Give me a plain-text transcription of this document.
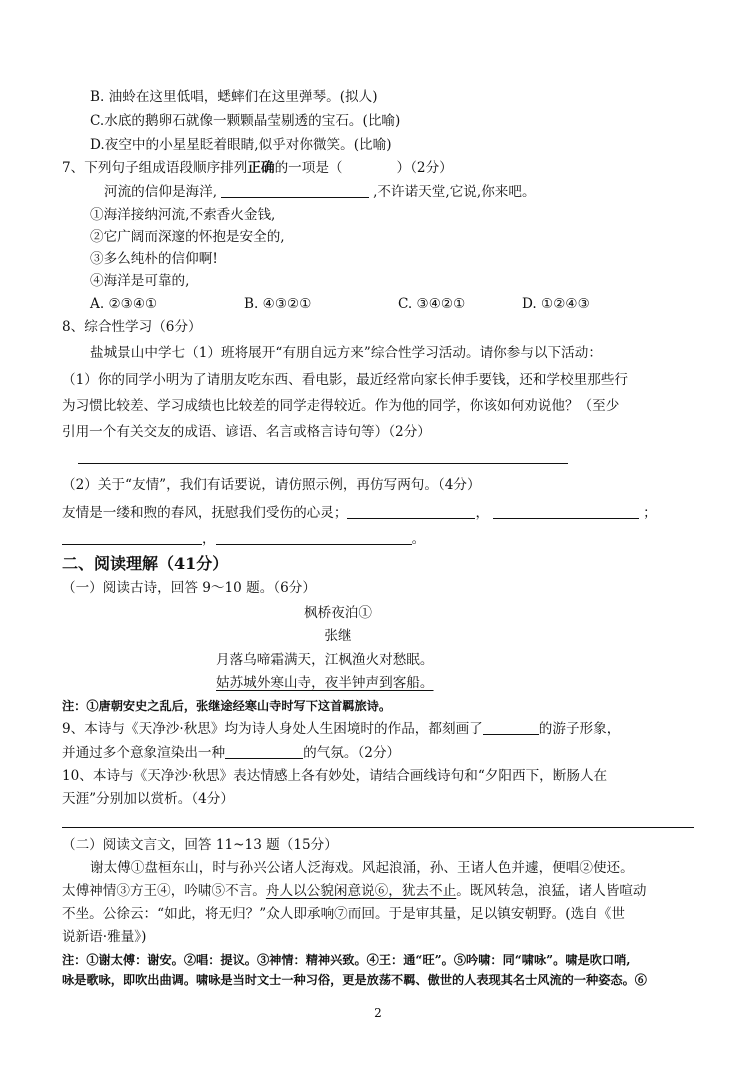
B. 油蛉在这里低唱，蟋蟀们在这里弹琴。(拟人)
C.水底的鹅卵石就像一颗颗晶莹剔透的宝石。(比喻)
D.夜空中的小星星眨着眼睛,似乎对你微笑。(比喻)
7、下列句子组成语段顺序排列正确的一项是（	）（2分）
河流的信仰是海洋,	,不许诺天堂,它说,你来吧。
①海洋接纳河流,不索香火金钱,
②它广阔而深邃的怀抱是安全的,
③多么纯朴的信仰啊!
④海洋是可靠的,
A. ②③④①	B. ④③②①	C. ③④②①	D. ①②④③
8、综合性学习（6分）
盐城景山中学七（1）班将展开“有朋自远方来”综合性学习活动。请你参与以下活动：
（1）你的同学小明为了请朋友吃东西、看电影，最近经常向家长伸手要钱，还和学校里那些行
为习惯比较差、学习成绩也比较差的同学走得较近。作为他的同学，你该如何劝说他？（至少
引用一个有关交友的成语、谚语、名言或格言诗句等）（2分）
（2）关于“友情”，我们有话要说，请仿照示例，再仿写两句。（4分）
友情是一缕和煦的春风，抚慰我们受伤的心灵；	，	；
，	。
二、阅读理解（41分）
（一）阅读古诗，回答 9～10 题。（6分）
枫桥夜泊①
张继
月落乌啼霜满天，江枫渔火对愁眠。
姑苏城外寒山寺，夜半钟声到客船。
注：①唐朝安史之乱后，张继途经寒山寺时写下这首羁旅诗。
9、本诗与《天净沙·秋思》均为诗人身处人生困境时的作品，都刻画了	的游子形象，
并通过多个意象渲染出一种	的气氛。（2分）
10、本诗与《天净沙·秋思》表达情感上各有妙处，请结合画线诗句和“夕阳西下，断肠人在
天涯”分别加以赏析。（4分）
（二）阅读文言文，回答 11~13 题（15分）
谢太傅①盘桓东山，时与孙兴公诸人泛海戏。风起浪涌，孙、王诸人色并遽，便唱②使还。
太傅神情③方王④，吟啸⑤不言。舟人以公貌闲意说⑥，犹去不止。既风转急，浪猛，诸人皆喧动
不坐。公徐云：“如此，将无归？”众人即承响⑦而回。于是审其量，足以镇安朝野。(选自《世
说新语·雅量》)
注：①谢太傅：谢安。②唱：提议。③神情：精神兴致。④王：通“旺”。⑤吟啸：同“啸咏”。啸是吹口哨,
咏是歌咏，即吹出曲调。啸咏是当时文士一种习俗，更是放荡不羁、傲世的人表现其名士风流的一种姿态。⑥
2
